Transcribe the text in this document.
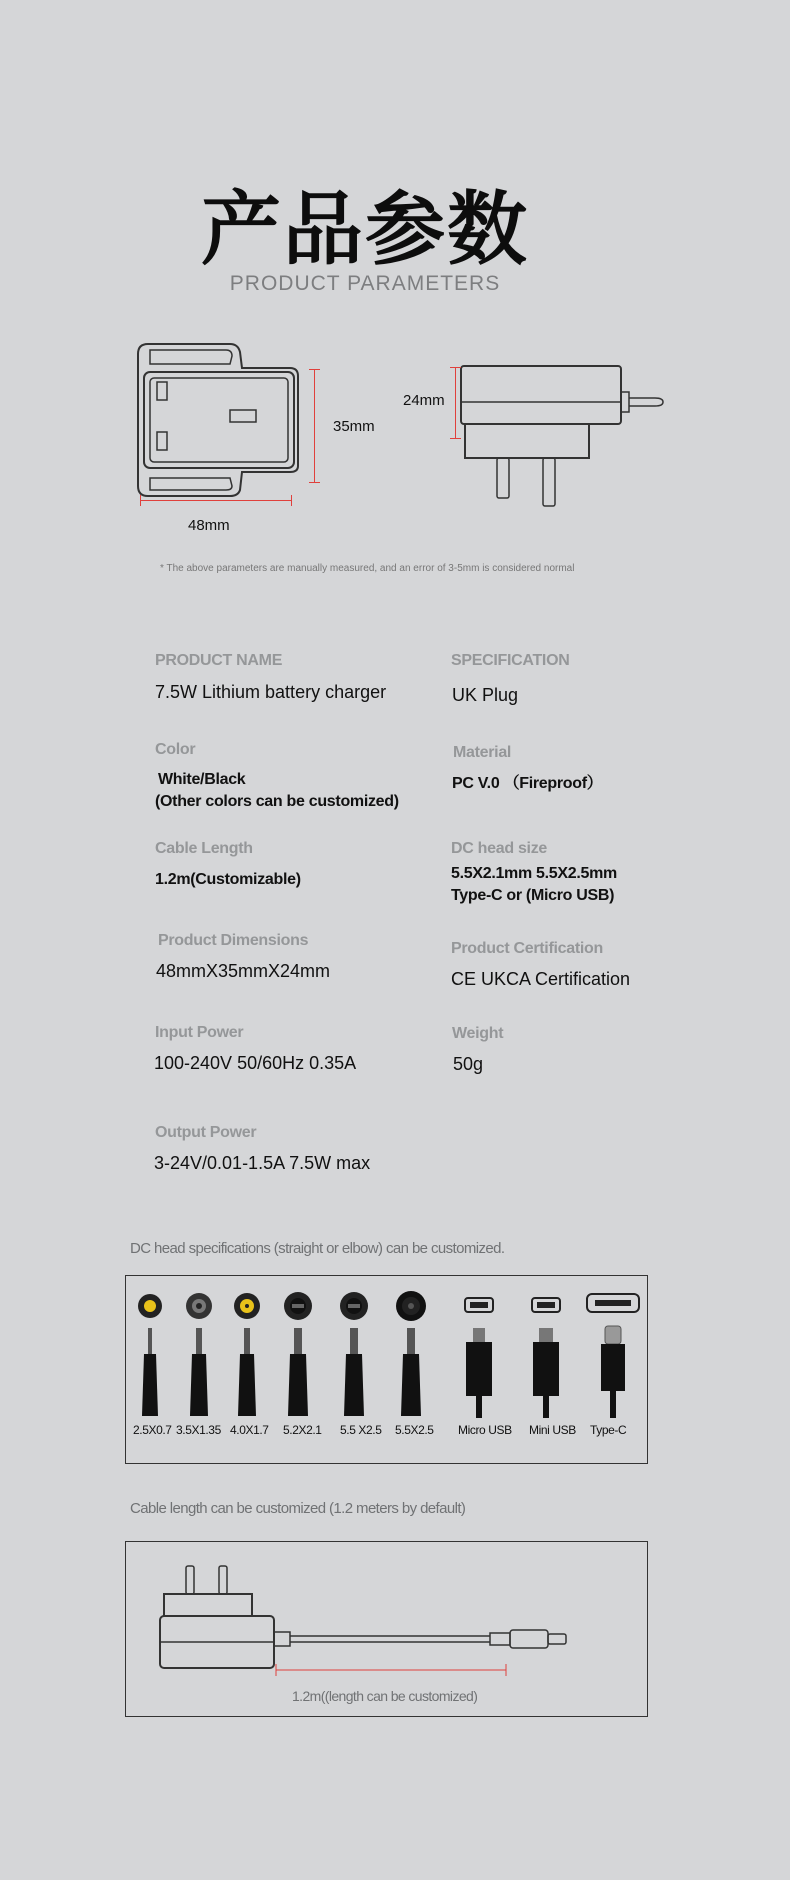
产品参数
PRODUCT PARAMETERS
48mm
35mm
24mm
* The above parameters are manually measured, and an error of 3-5mm is considered normal
PRODUCT NAME
7.5W Lithium battery charger
SPECIFICATION
UK Plug
Color
White/Black
(Other colors can be customized)
Material
PC V.0 （Fireproof）
Cable Length
1.2m(Customizable)
DC head size
5.5X2.1mm 5.5X2.5mm
Type-C or (Micro USB)
Product Dimensions
48mmX35mmX24mm
Product Certification
CE UKCA Certification
Input Power
100-240V 50/60Hz 0.35A
Weight
50g
Output Power
3-24V/0.01-1.5A 7.5W max
DC head specifications (straight or elbow) can be customized.
2.5X0.7 3.5X1.35 4.0X1.7 5.2X2.1 5.5 X2.5 5.5X2.5 Micro USB Mini USB Type-C
Cable length can be customized (1.2 meters by default)
1.2m((length can be customized)
